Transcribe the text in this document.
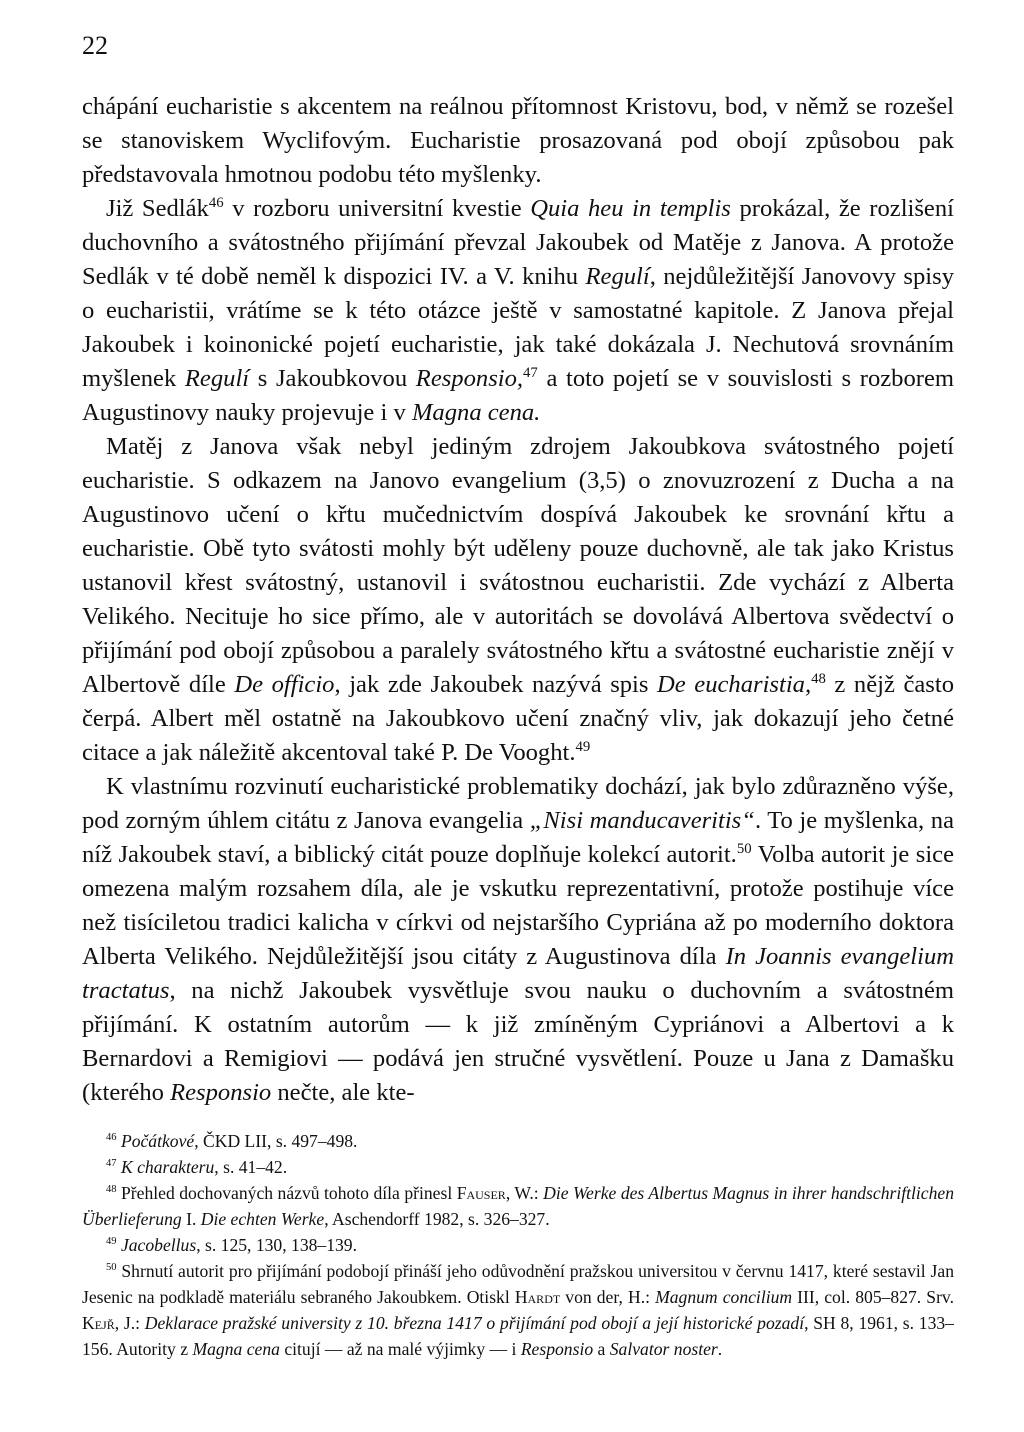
22

chápání eucharistie s akcentem na reálnou přítomnost Kristovu, bod, v němž se rozešel se stanoviskem Wyclifovým. Eucharistie prosazovaná pod obojí způsobou pak představovala hmotnou podobu této myšlenky.

Již Sedlák$^{46}$ v rozboru universitní kvestie Quia heu in templis prokázal, že rozlišení duchovního a svátostného přijímání převzal Jakoubek od Matěje z Janova. A protože Sedlák v té době neměl k dispozici IV. a V. knihu Regulí, nejdůležitější Janovovy spisy o eucharistii, vrátíme se k této otázce ještě v samostatné kapitole. Z Janova přejal Jakoubek i koinonické pojetí eucharistie, jak také dokázala J. Nechutová srovnáním myšlenek Regulí s Jakoubkovou Responsio,$^{47}$ a toto pojetí se v souvislosti s rozborem Augustinovy nauky projevuje i v Magna cena.

Matěj z Janova však nebyl jediným zdrojem Jakoubkova svátostného pojetí eucharistie. S odkazem na Janovo evangelium (3,5) o znovuzrození z Ducha a na Augustinovo učení o křtu mučednictvím dospívá Jakoubek ke srovnání křtu a eucharistie. Obě tyto svátosti mohly být uděleny pouze duchovně, ale tak jako Kristus ustanovil křest svátostný, ustanovil i svátostnou eucharistii. Zde vychází z Alberta Velikého. Necituje ho sice přímo, ale v autoritách se dovolává Albertova svědectví o přijímání pod obojí způsobou a paralely svátostného křtu a svátostné eucharistie znějí v Albertově díle De officio, jak zde Jakoubek nazývá spis De eucharistia,$^{48}$ z nějž často čerpá. Albert měl ostatně na Jakoubkovo učení značný vliv, jak dokazují jeho četné citace a jak náležitě akcentoval také P. De Vooght.$^{49}$

K vlastnímu rozvinutí eucharistické problematiky dochází, jak bylo zdůrazněno výše, pod zorným úhlem citátu z Janova evangelia „Nisi manducaveritis“. To je myšlenka, na níž Jakoubek staví, a biblický citát pouze doplňuje kolekcí autorit.$^{50}$ Volba autorit je sice omezena malým rozsahem díla, ale je vskutku reprezentativní, protože postihuje více než tisíciletou tradici kalicha v církvi od nejstaršího Cypriána až po moderního doktora Alberta Velikého. Nejdůležitější jsou citáty z Augustinova díla In Joannis evangelium tractatus, na nichž Jakoubek vysvětluje svou nauku o duchovním a svátostném přijímání. K ostatním autorům — k již zmíněným Cypriánovi a Albertovi a k Bernardovi a Remigiovi — podává jen stručné vysvětlení. Pouze u Jana z Damašku (kterého Responsio nečte, ale kte-

$^{46}$ Počátkové, ČKD LII, s. 497–498.

$^{47}$ K charakteru, s. 41–42.

$^{48}$ Přehled dochovaných názvů tohoto díla přinesl Fauser, W.: Die Werke des Albertus Magnus in ihrer handschriftlichen Überlieferung I. Die echten Werke, Aschendorff 1982, s. 326–327.

$^{49}$ Jacobellus, s. 125, 130, 138–139.

$^{50}$ Shrnutí autorit pro přijímání podobojí přináší jeho odůvodnění pražskou universitou v červnu 1417, které sestavil Jan Jesenic na podkladě materiálu sebraného Jakoubkem. Otiskl Hardt von der, H.: Magnum concilium III, col. 805–827. Srv. Kejř, J.: Deklarace pražské university z 10. března 1417 o přijímání pod obojí a její historické pozadí, SH 8, 1961, s. 133–156. Autority z Magna cena citují — až na malé výjimky — i Responsio a Salvator noster.
